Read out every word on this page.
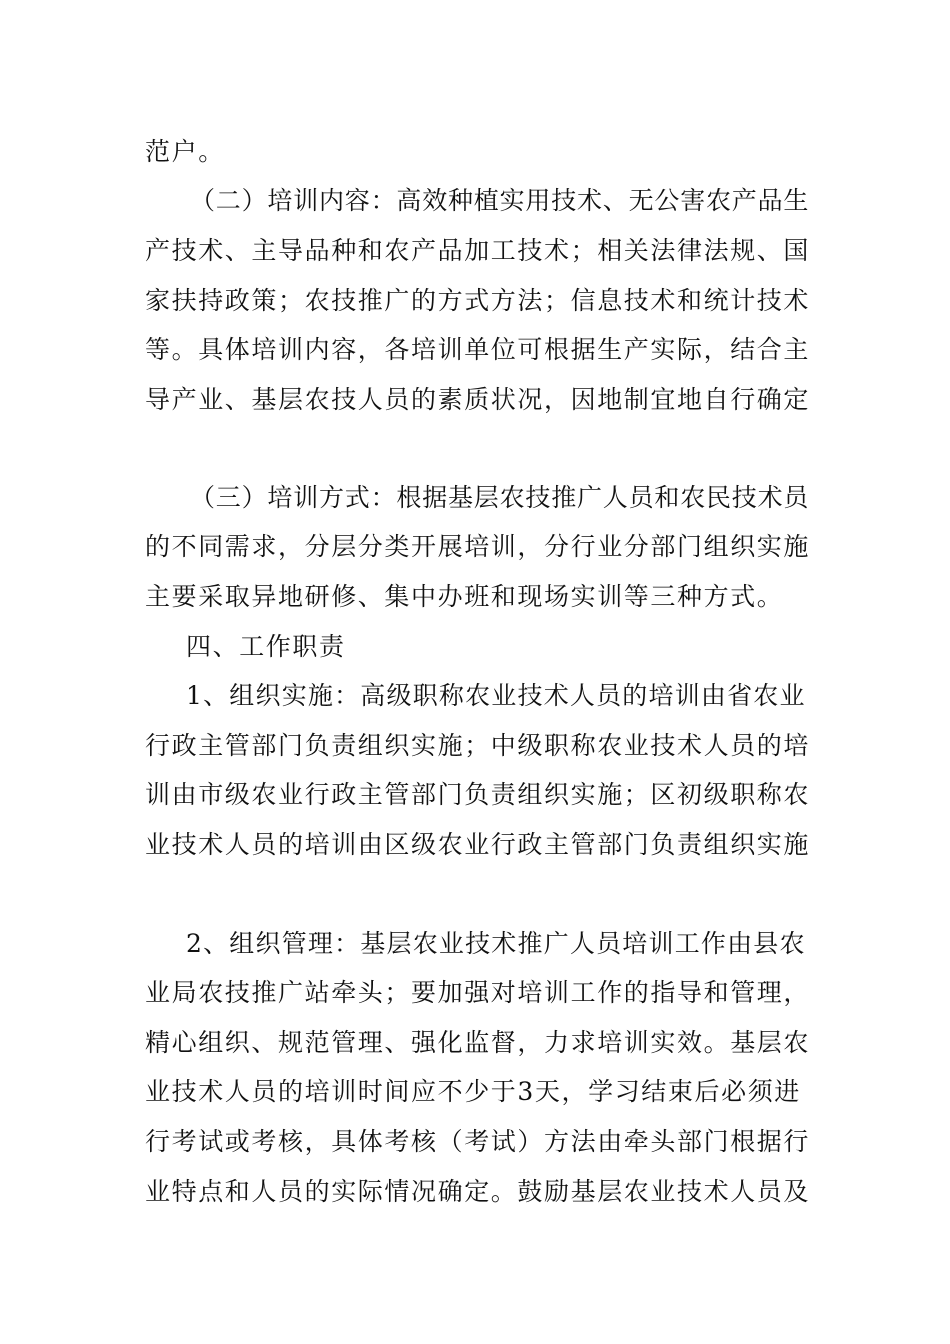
范户。

（二）培训内容：高效种植实用技术、无公害农产品生

产技术、主导品种和农产品加工技术；相关法律法规、国

家扶持政策；农技推广的方式方法；信息技术和统计技术

等。具体培训内容，各培训单位可根据生产实际，结合主

导产业、基层农技人员的素质状况，因地制宜地自行确定

（三）培训方式：根据基层农技推广人员和农民技术员

的不同需求，分层分类开展培训，分行业分部门组织实施

主要采取异地研修、集中办班和现场实训等三种方式。

四、工作职责

1、组织实施：高级职称农业技术人员的培训由省农业

行政主管部门负责组织实施；中级职称农业技术人员的培

训由市级农业行政主管部门负责组织实施；区初级职称农

业技术人员的培训由区级农业行政主管部门负责组织实施

2、组织管理：基层农业技术推广人员培训工作由县农

业局农技推广站牵头；要加强对培训工作的指导和管理，

精心组织、规范管理、强化监督，力求培训实效。基层农

业技术人员的培训时间应不少于3天，学习结束后必须进

行考试或考核，具体考核（考试）方法由牵头部门根据行

业特点和人员的实际情况确定。鼓励基层农业技术人员及
